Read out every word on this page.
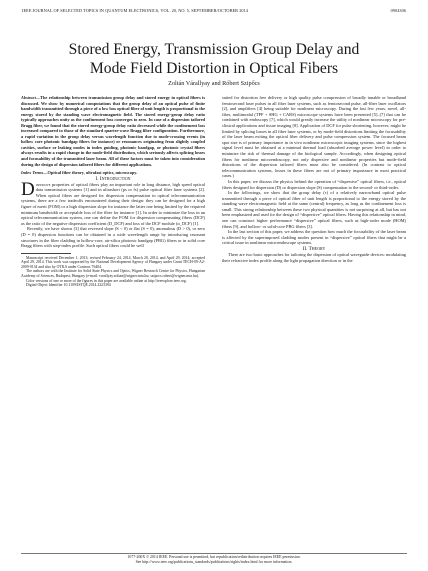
IEEE JOURNAL OF SELECTED TOPICS IN QUANTUM ELECTRONICS, VOL. 20, NO. 5, SEPTEMBER/OCTOBER 2014	0904306
Stored Energy, Transmission Group Delay and
Mode Field Distortion in Optical Fibers
Zoltán Várallyay and Róbert Szipőcs

Abstract—The relationship between transmission group delay and stored energy in optical fibers is discussed. We show by numerical computations that the group delay of an optical pulse of finite bandwidth transmitted through a piece of a low loss optical fiber of unit length is proportional to the energy stored by the standing wave electromagnetic field. The stored energy-group delay ratio typically approaches unity as the confinement loss converges to zero. In case of a dispersion tailored Bragg fiber, we found that the stored energy-group delay ratio decreased while the confinement loss increased compared to those of the standard quarter-wave Bragg fiber configuration. Furthermore, a rapid variation in the group delay versus wavelength function due to mode-crossing events (in hollow core photonic bandgap fibers for instance) or resonances originating from slightly coupled cavities, surface or leaking modes in index guiding, photonic bandgap, or photonic crystal fibers always results in a rapid change in the mode-field distribution, which seriously affects splicing losses and focusability of the transmitted laser beam. All of these factors must be taken into consideration during the design of dispersion tailored fibers for different applications.

Index Terms—Optical fiber theory, ultrafast optics, microscopy.

I. Introduction

Dispersive properties of optical fibers play an important role in long distance, high speed optical data transmission systems [1] and in ultrashort (ps or fs) pulse optical fiber laser systems [2]. When optical fibers are designed for dispersion compensation in optical telecommunication systems, there are a few tradeoffs encountered during their design: they can be designed for a high figure of merit (FOM) or a high dispersion slope for instance the latter one being limited by the required minimum bandwidth or acceptable loss of the fiber for instance [1]. In order to minimize the loss in an optical telecommunication system, one can define the FOM for dispersion compensating fibers (DCF) as the ratio of the negative dispersion coefficient (D_DCF) and loss of the DCF module (α_DCF) [1].

Recently, we have shown [3] that reversed slope (S < 0) or flat (S = 0), anomalous (D > 0), or zero (D = 0) dispersion functions can be obtained in a wide wavelength range by introducing resonant structures in the fiber cladding in hollow-core, air-silica photonic bandgap (PBG) fibers or in solid core Bragg fibers with step-index profile. Such optical fibers could be well

Manuscript received December 1, 2013; revised February 24, 2014, March 20, 2014, and April 29, 2014; accepted April 29, 2014. This work was supported by the National Development Agency of Hungary under Grant TECH-09-A2-2009-0134 and also by OTKA under Contract 76404.

The authors are with the Institute for Solid State Physics and Optics, Wigner Research Centre for Physics, Hungarian Academy of Sciences, Budapest, Hungary (e-mail: varallyay.zoltan@wigner.mta.hu; szipocs.robert@wigner.mta.hu).

Color versions of one or more of the figures in this paper are available online at http://ieeexplore.ieee.org.

Digital Object Identifier 10.1109/JSTQE.2014.2323394

suited for distortion free delivery or high quality pulse compression of broadly tunable or broadband femtosecond laser pulses in all fiber laser systems, such as femtosecond pulse, all-fiber laser oscillators [2], and amplifiers [4] being suitable for nonlinear microscopy. During the last few years, novel, all-fiber, multimodal (TPF + SHG + CARS) microscope systems have been presented [5]–[7] that can be combined with endoscopy [7], which would greatly increase the utility of nonlinear microscopy for pre-clinical applications and tissue imaging [8]. Application of DCF for pulse shortening, however, might be limited by splicing losses in all fiber laser systems, or by mode-field distortions limiting the focusability of the laser beam exiting the optical fiber delivery and pulse compression system. The focused beam spot size is of primary importance in in vivo nonlinear microscopic imaging systems, since the highest signal level must be obtained at a minimal thermal load (absorbed average power level) in order to minimize the risk of thermal damage of the biological sample. Accordingly, when designing optical fibers for nonlinear microendoscopy, not only dispersive and nonlinear properties but mode-field distortions of the dispersion tailored fibers must also be considered. (In contrast to optical telecommunication systems, losses in these fibers are not of primary importance in most practical cases.)

In this paper, we discuss the physics behind the operation of “dispersive” optical fibers, i.e., optical fibers designed for dispersion (D) or dispersion slope (S) compensation to the second- or third-order.

In the followings, we show that the group delay (τ) of a relatively narrowband optical pulse transmitted through a piece of optical fiber of unit length is proportional to the energy stored by the standing wave electromagnetic field at the same (central) frequency, as long as the confinement loss is small. This strong relationship between these two physical quantities is not surprising at all, but has not been emphasized and used for the design of “dispersive” optical fibers. Having this relationship in mind, one can construct higher performance “dispersive” optical fibers, such as high-order mode (HOM) fibers [9], and hollow- or solid-core PBG fibers [3].

In the last section of this paper, we address the question how much the focusability of the laser beam is affected by the superimposed cladding modes present in “dispersive” optical fibers that might be a critical issue in nonlinear microendoscope systems.

II. Theory

There are two basic approaches for tailoring the dispersion of optical waveguide devices: modulating their refractive index profile along the light propagation direction or in the

1077-260X © 2014 IEEE. Personal use is permitted, but republication/redistribution requires IEEE permission.
See http://www.ieee.org/publications_standards/publications/rights/index.html for more information.
